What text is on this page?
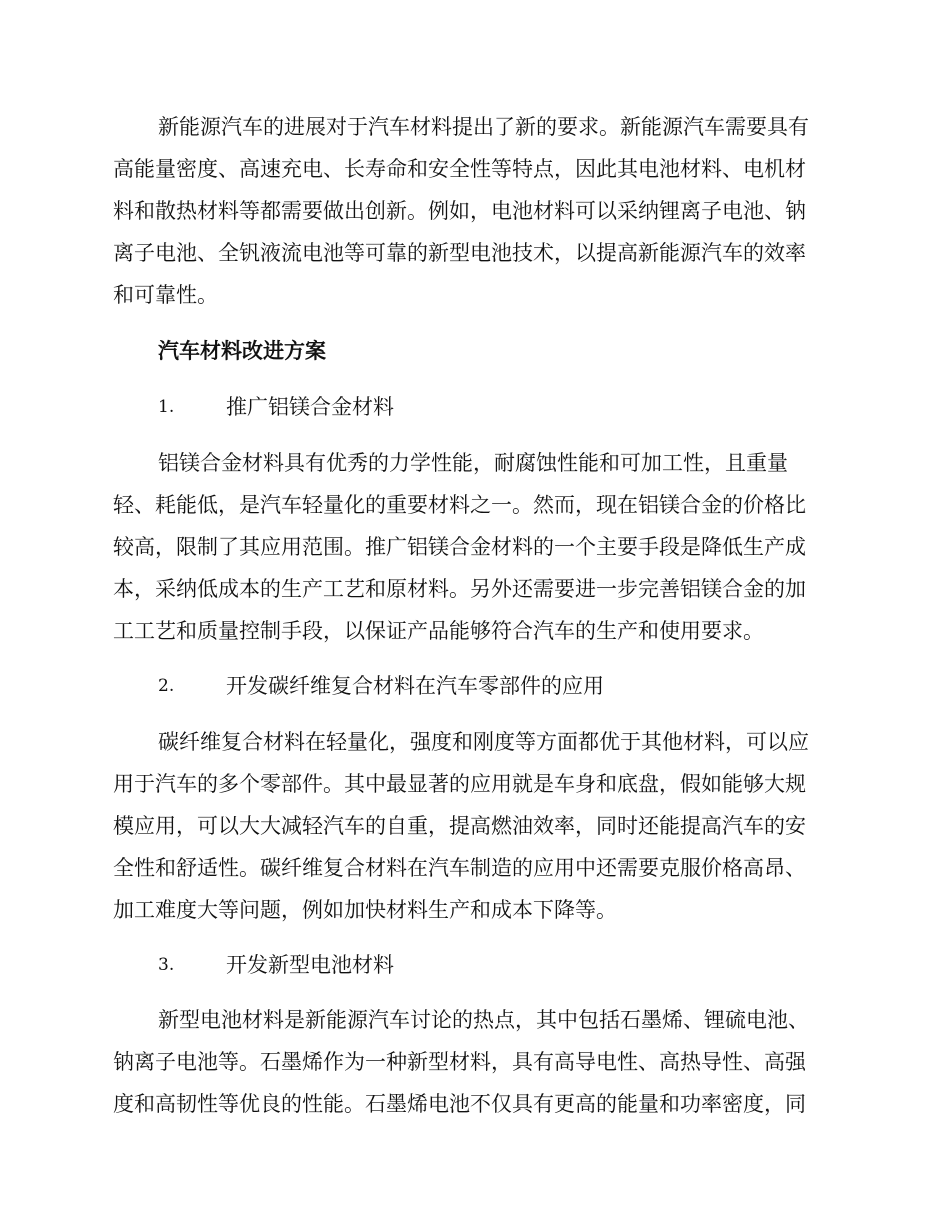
新能源汽车的进展对于汽车材料提出了新的要求。新能源汽车需要具有
高能量密度、高速充电、长寿命和安全性等特点，因此其电池材料、电机材
料和散热材料等都需要做出创新。例如，电池材料可以采纳锂离子电池、钠
离子电池、全钒液流电池等可靠的新型电池技术，以提高新能源汽车的效率
和可靠性。
汽车材料改进方案
1. 推广铝镁合金材料
铝镁合金材料具有优秀的力学性能，耐腐蚀性能和可加工性，且重量
轻、耗能低，是汽车轻量化的重要材料之一。然而，现在铝镁合金的价格比
较高，限制了其应用范围。推广铝镁合金材料的一个主要手段是降低生产成
本，采纳低成本的生产工艺和原材料。另外还需要进一步完善铝镁合金的加
工工艺和质量控制手段，以保证产品能够符合汽车的生产和使用要求。
2. 开发碳纤维复合材料在汽车零部件的应用
碳纤维复合材料在轻量化，强度和刚度等方面都优于其他材料，可以应
用于汽车的多个零部件。其中最显著的应用就是车身和底盘，假如能够大规
模应用，可以大大减轻汽车的自重，提高燃油效率，同时还能提高汽车的安
全性和舒适性。碳纤维复合材料在汽车制造的应用中还需要克服价格高昂、
加工难度大等问题，例如加快材料生产和成本下降等。
3. 开发新型电池材料
新型电池材料是新能源汽车讨论的热点，其中包括石墨烯、锂硫电池、
钠离子电池等。石墨烯作为一种新型材料，具有高导电性、高热导性、高强
度和高韧性等优良的性能。石墨烯电池不仅具有更高的能量和功率密度，同
